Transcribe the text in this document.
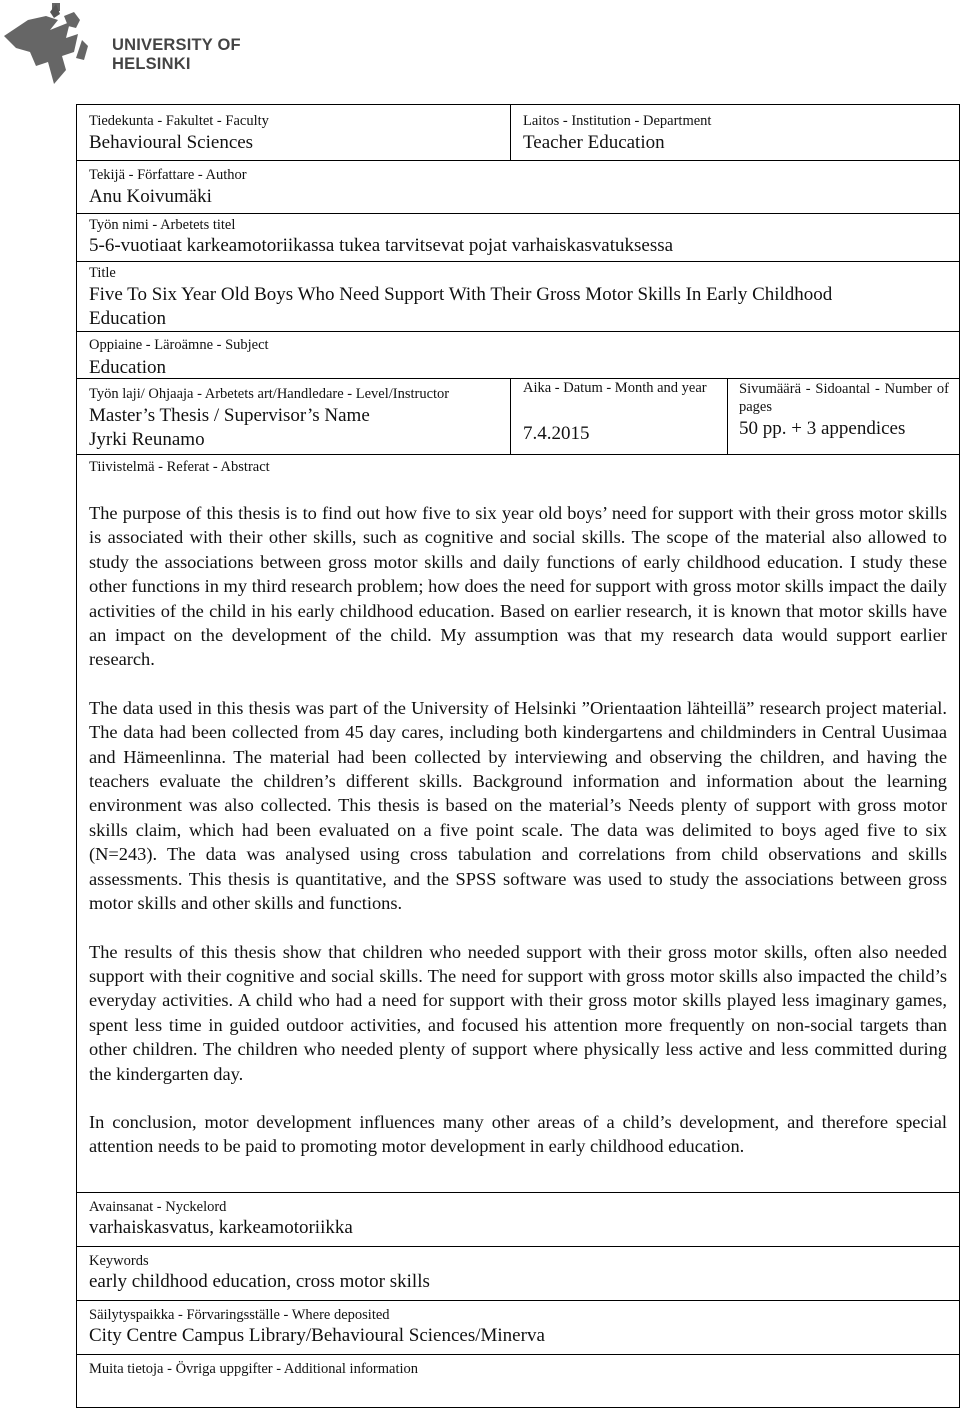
UNIVERSITY OF HELSINKI
Tiedekunta - Fakultet - Faculty
Behavioural Sciences
Laitos - Institution - Department
Teacher Education
Tekijä - Författare - Author
Anu Koivumäki
Työn nimi - Arbetets titel
5-6-vuotiaat karkeamotoriikassa tukea tarvitsevat pojat varhaiskasvatuksessa
Title
Five To Six Year Old Boys Who Need Support With Their Gross Motor Skills In Early Childhood
Education
Oppiaine - Läroämne - Subject
Education
Työn laji/ Ohjaaja - Arbetets art/Handledare - Level/Instructor
Master’s Thesis / Supervisor’s Name
Jyrki Reunamo
Aika - Datum - Month and year
7.4.2015
Sivumäärä - Sidoantal - Number of pages
50 pp. + 3 appendices
Tiivistelmä - Referat - Abstract

The purpose of this thesis is to find out how five to six year old boys’ need for support with their gross motor skills is associated with their other skills, such as cognitive and social skills. The scope of the material also allowed to study the associations between gross motor skills and daily functions of early childhood education. I study these other functions in my third research problem; how does the need for support with gross motor skills impact the daily activities of the child in his early childhood education. Based on earlier research, it is known that motor skills have an impact on the development of the child. My assumption was that my research data would support earlier research.

The data used in this thesis was part of the University of Helsinki ”Orientaation lähteillä” research project material. The data had been collected from 45 day cares, including both kindergartens and childminders in Central Uusimaa and Hämeenlinna. The material had been collected by interviewing and observing the children, and having the teachers evaluate the children’s different skills. Background information and information about the learning environment was also collected. This thesis is based on the material’s Needs plenty of support with gross motor skills claim, which had been evaluated on a five point scale. The data was delimited to boys aged five to six (N=243). The data was analysed using cross tabulation and correlations from child observations and skills assessments. This thesis is quantitative, and the SPSS software was used to study the associations between gross motor skills and other skills and functions.

The results of this thesis show that children who needed support with their gross motor skills, often also needed support with their cognitive and social skills. The need for support with gross motor skills also impacted the child’s everyday activities. A child who had a need for support with their gross motor skills played less imaginary games, spent less time in guided outdoor activities, and focused his attention more frequently on non-social targets than other children. The children who needed plenty of support where physically less active and less committed during the kindergarten day.

In conclusion, motor development influences many other areas of a child’s development, and therefore special attention needs to be paid to promoting motor development in early childhood education.

Avainsanat - Nyckelord
varhaiskasvatus, karkeamotoriikka
Keywords
early childhood education, cross motor skills
Säilytyspaikka - Förvaringsställe - Where deposited
City Centre Campus Library/Behavioural Sciences/Minerva
Muita tietoja - Övriga uppgifter - Additional information
